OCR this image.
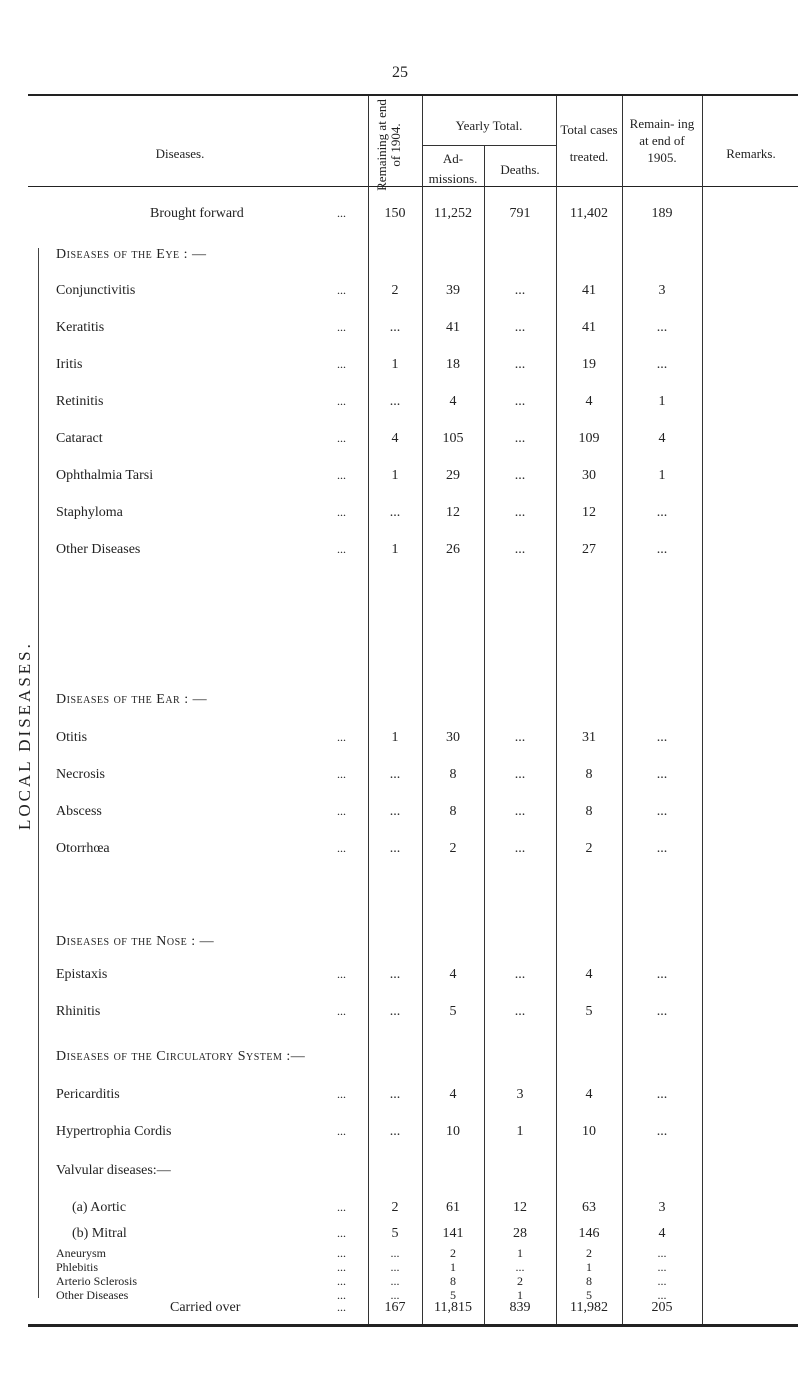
25
Diseases.	Remaining at end of 1904.	Yearly Total.
Ad- missions.
Deaths.
Total cases treated.
Remain- ing at end of 1905.	Remarks.
LOCAL DISEASES.
Brought forward	...	150	11,252	791	11,402	189
Diseases of the Eye : —
Diseases of the Ear : —
Diseases of the Nose : —
Diseases of the Circulatory System :—
Valvular diseases:—
Conjunctivitis	...	2	39	...	41	3
Keratitis	...	...	41	...	41	...
Iritis	...	1	18	...	19	...
Retinitis	...	...	4	...	4	1
Cataract	...	4	105	...	109	4
Ophthalmia Tarsi	...	1	29	...	30	1
Staphyloma	...	...	12	...	12	...
Other Diseases	...	1	26	...	27	...
Otitis	...	1	30	...	31	...
Necrosis	...	...	8	...	8	...
Abscess	...	...	8	...	8	...
Otorrhœa	...	...	2	...	2	...
Epistaxis	...	...	4	...	4	...
Rhinitis	...	...	5	...	5	...
Pericarditis	...	...	4	3	4	...
Hypertrophia Cordis	...	...	10	1	10	...
(a) Aortic	...	2	61	12	63	3
(b) Mitral	...	5	141	28	146	4
Aneurysm	...	...	2	1	2	...
Phlebitis	...	...	1	...	1	...
Arterio Sclerosis	...	...	8	2	8	...
Other Diseases	...	...	5	1	5	...
Carried over	...	167	11,815	839	11,982	205
